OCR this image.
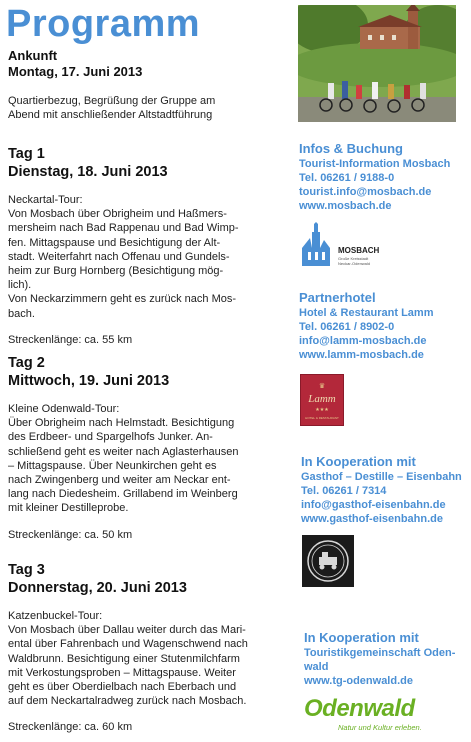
Programm
Ankunft
Montag, 17. Juni 2013

Quartierbezug, Begrüßung der Gruppe am Abend mit anschließender Altstadtführung

Tag 1
Dienstag, 18. Juni 2013

Neckartal-Tour:

Von Mosbach über Obrigheim und Haßmers-

mersheim nach Bad Rappenau und Bad Wimp-

fen. Mittagspause und Besichtigung der Alt-

stadt. Weiterfahrt nach Offenau und Gundels-

heim zur Burg Hornberg (Besichtigung mög-

lich).

Von Neckarzimmern geht es zurück nach Mos-

bach.

Streckenlänge: ca. 55 km

Tag 2
Mittwoch, 19. Juni 2013

Kleine Odenwald-Tour:

Über Obrigheim nach Helmstadt. Besichtigung

des Erdbeer- und Spargelhofs Junker. An-

schließend geht es weiter nach Aglasterhausen

– Mittagspause. Über Neunkirchen geht es

nach Zwingenberg und weiter am Neckar ent-

lang nach Diedesheim. Grillabend im Weinberg

mit kleiner Destilleprobe.

Streckenlänge: ca. 50 km

Tag 3
Donnerstag, 20. Juni 2013

Katzenbuckel-Tour:

Von Mosbach über Dallau weiter durch das Mari-

ental über Fahrenbach und Wagenschwend nach

Waldbrunn. Besichtigung einer Stutenmilchfarm

mit Verkostungsproben – Mittagspause. Weiter

geht es über Oberdielbach nach Eberbach und

auf dem Neckartalradweg zurück nach Mosbach.

Streckenlänge: ca. 60 km

Infos & Buchung
Tourist-Information Mosbach
Tel. 06261 / 9188-0
tourist.info@mosbach.de
www.mosbach.de
MOSBACH
Große Kreisstadt
Neckar-Odenwald
Partnerhotel
Hotel & Restaurant Lamm
Tel. 06261 / 8902-0
info@lamm-mosbach.de
www.lamm-mosbach.de
♛
Lamm
★★★
HOTEL & RESTAURANT
In Kooperation mit
Gasthof – Destille – Eisenbahn
Tel. 06261 / 7314
info@gasthof-eisenbahn.de
www.gasthof-eisenbahn.de
In Kooperation mit
Touristikgemeinschaft Oden-
wald
www.tg-odenwald.de
Odenwald
Natur und Kultur erleben.
